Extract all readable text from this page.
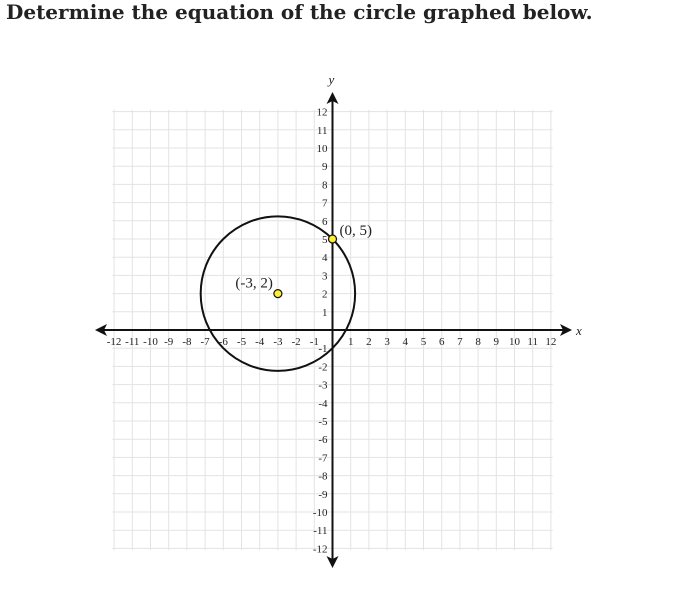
Determine the equation of the circle graphed below.
x
y
-12 -11 -10 -9 -8 -7 -6 -5 -4 -3 -2 -1	1 2 3 4 5 6 7 8 9 10 11 12
12
11
10
9
8
7
6
5
4
3
2
1
-1
-2
-3
-4
-5
-6
-7
-8
-9
-10
-11
-12
(-3, 2)
(0, 5)
